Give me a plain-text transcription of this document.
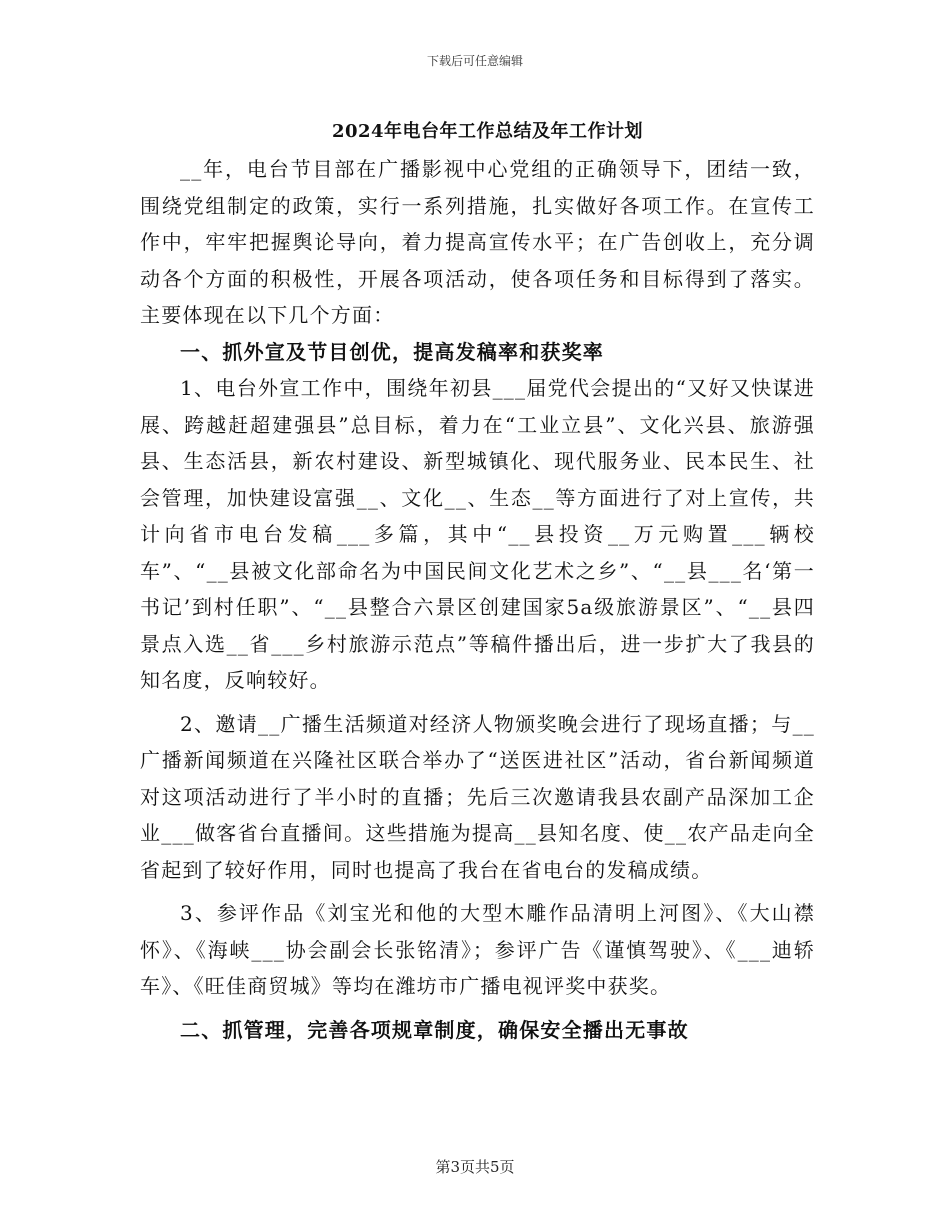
下载后可任意编辑
2024年电台年工作总结及年工作计划

__年，电台节目部在广播影视中心党组的正确领导下，团结一致，围绕党组制定的政策，实行一系列措施，扎实做好各项工作。在宣传工作中，牢牢把握舆论导向，着力提高宣传水平；在广告创收上，充分调动各个方面的积极性，开展各项活动，使各项任务和目标得到了落实。主要体现在以下几个方面：

一、抓外宣及节目创优，提高发稿率和获奖率

1、电台外宣工作中，围绕年初县___届党代会提出的“又好又快谋进展、跨越赶超建强县”总目标，着力在“工业立县”、文化兴县、旅游强县、生态活县，新农村建设、新型城镇化、现代服务业、民本民生、社会管理，加快建设富强__、文化__、生态__等方面进行了对上宣传，共计向省市电台发稿___多篇，其中“__县投资__万元购置___辆校车”、“__县被文化部命名为中国民间文化艺术之乡”、“__县___名‘第一书记’到村任职”、“__县整合六景区创建国家5a级旅游景区”、“__县四景点入选__省___乡村旅游示范点”等稿件播出后，进一步扩大了我县的知名度，反响较好。

2、邀请__广播生活频道对经济人物颁奖晚会进行了现场直播；与__广播新闻频道在兴隆社区联合举办了“送医进社区”活动，省台新闻频道对这项活动进行了半小时的直播；先后三次邀请我县农副产品深加工企业___做客省台直播间。这些措施为提高__县知名度、使__农产品走向全省起到了较好作用，同时也提高了我台在省电台的发稿成绩。

3、参评作品《刘宝光和他的大型木雕作品清明上河图》、《大山襟怀》、《海峡___协会副会长张铭清》；参评广告《谨慎驾驶》、《___迪轿车》、《旺佳商贸城》等均在潍坊市广播电视评奖中获奖。

二、抓管理，完善各项规章制度，确保安全播出无事故

第3页共5页
